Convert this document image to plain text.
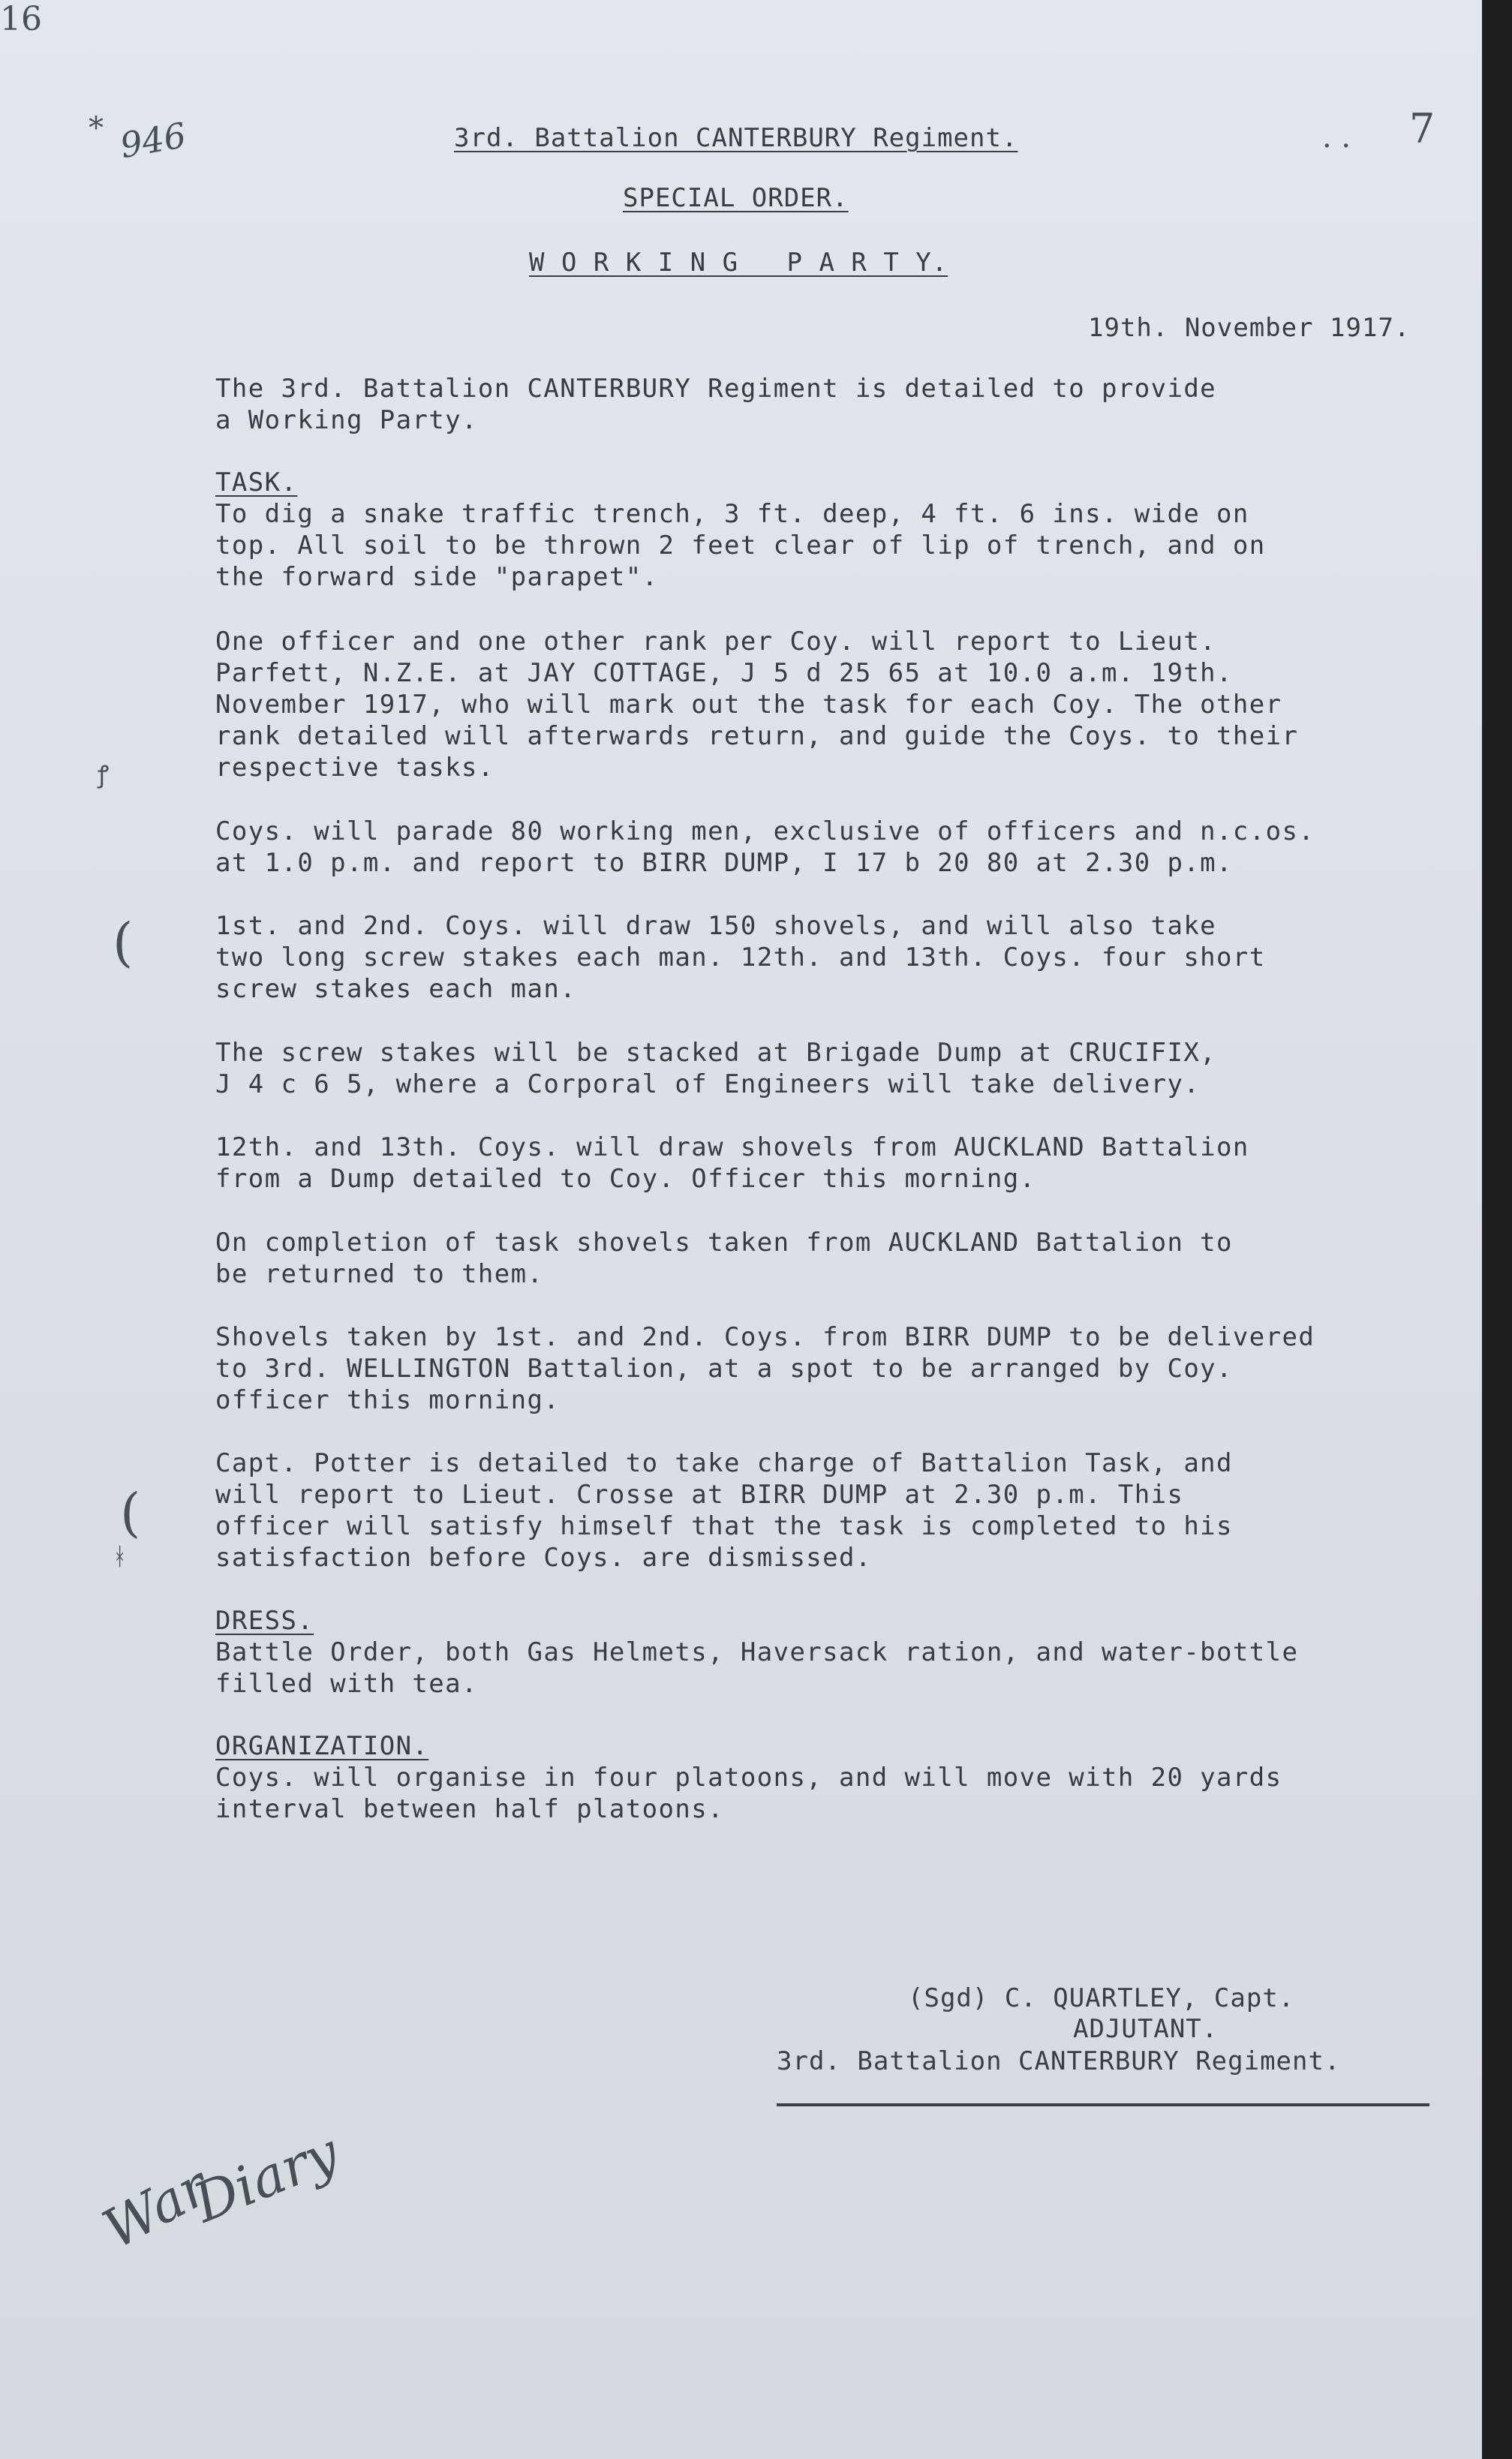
16
946
*	7
. .
3rd. Battalion CANTERBURY Regiment.
SPECIAL ORDER.
W O R K I N G   P A R T Y.
19th. November 1917.
The 3rd. Battalion CANTERBURY Regiment is detailed to provide
a Working Party.
TASK.
To dig a snake traffic trench, 3 ft. deep, 4 ft. 6 ins. wide on
top. All soil to be thrown 2 feet clear of lip of trench, and on
the forward side "parapet".
One officer and one other rank per Coy. will report to Lieut.
Parfett, N.Z.E. at JAY COTTAGE, J 5 d 25 65 at 10.0 a.m. 19th.
November 1917, who will mark out the task for each Coy. The other
rank detailed will afterwards return, and guide the Coys. to their
respective tasks.
Coys. will parade 80 working men, exclusive of officers and n.c.os.
at 1.0 p.m. and report to BIRR DUMP, I 17 b 20 80 at 2.30 p.m.
1st. and 2nd. Coys. will draw 150 shovels, and will also take
two long screw stakes each man. 12th. and 13th. Coys. four short
screw stakes each man.
The screw stakes will be stacked at Brigade Dump at CRUCIFIX,
J 4 c 6 5, where a Corporal of Engineers will take delivery.
12th. and 13th. Coys. will draw shovels from AUCKLAND Battalion
from a Dump detailed to Coy. Officer this morning.
On completion of task shovels taken from AUCKLAND Battalion to
be returned to them.
Shovels taken by 1st. and 2nd. Coys. from BIRR DUMP to be delivered
to 3rd. WELLINGTON Battalion, at a spot to be arranged by Coy.
officer this morning.
Capt. Potter is detailed to take charge of Battalion Task, and
will report to Lieut. Crosse at BIRR DUMP at 2.30 p.m. This
officer will satisfy himself that the task is completed to his
satisfaction before Coys. are dismissed.
DRESS.
Battle Order, both Gas Helmets, Haversack ration, and water-bottle
filled with tea.
ORGANIZATION.
Coys. will organise in four platoons, and will move with 20 yards
interval between half platoons.
(Sgd) C. QUARTLEY, Capt.
ADJUTANT.
3rd. Battalion CANTERBURY Regiment.
War
Diary
(
(
ꝭ
ᚼ
